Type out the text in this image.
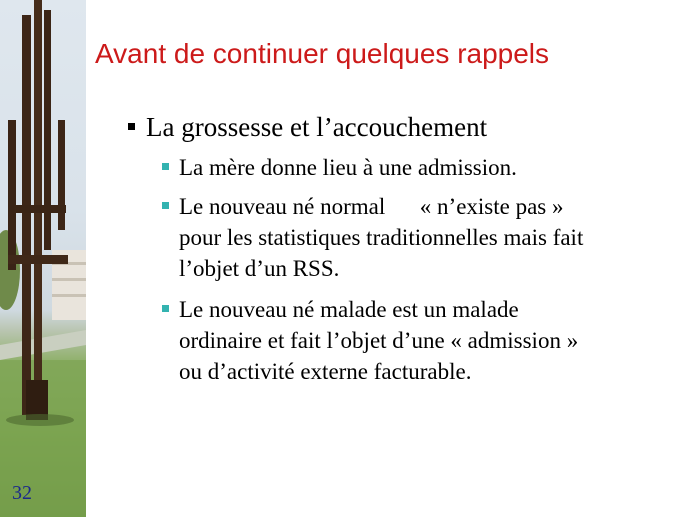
Avant de continuer quelques rappels
La grossesse et l’accouchement
La mère donne lieu à une admission.
Le nouveau né normal      « n’existe pas »
pour les statistiques traditionnelles mais fait
l’objet d’un RSS.
Le nouveau né malade est un malade
ordinaire et fait l’objet d’une « admission »
ou d’activité externe facturable.
32
